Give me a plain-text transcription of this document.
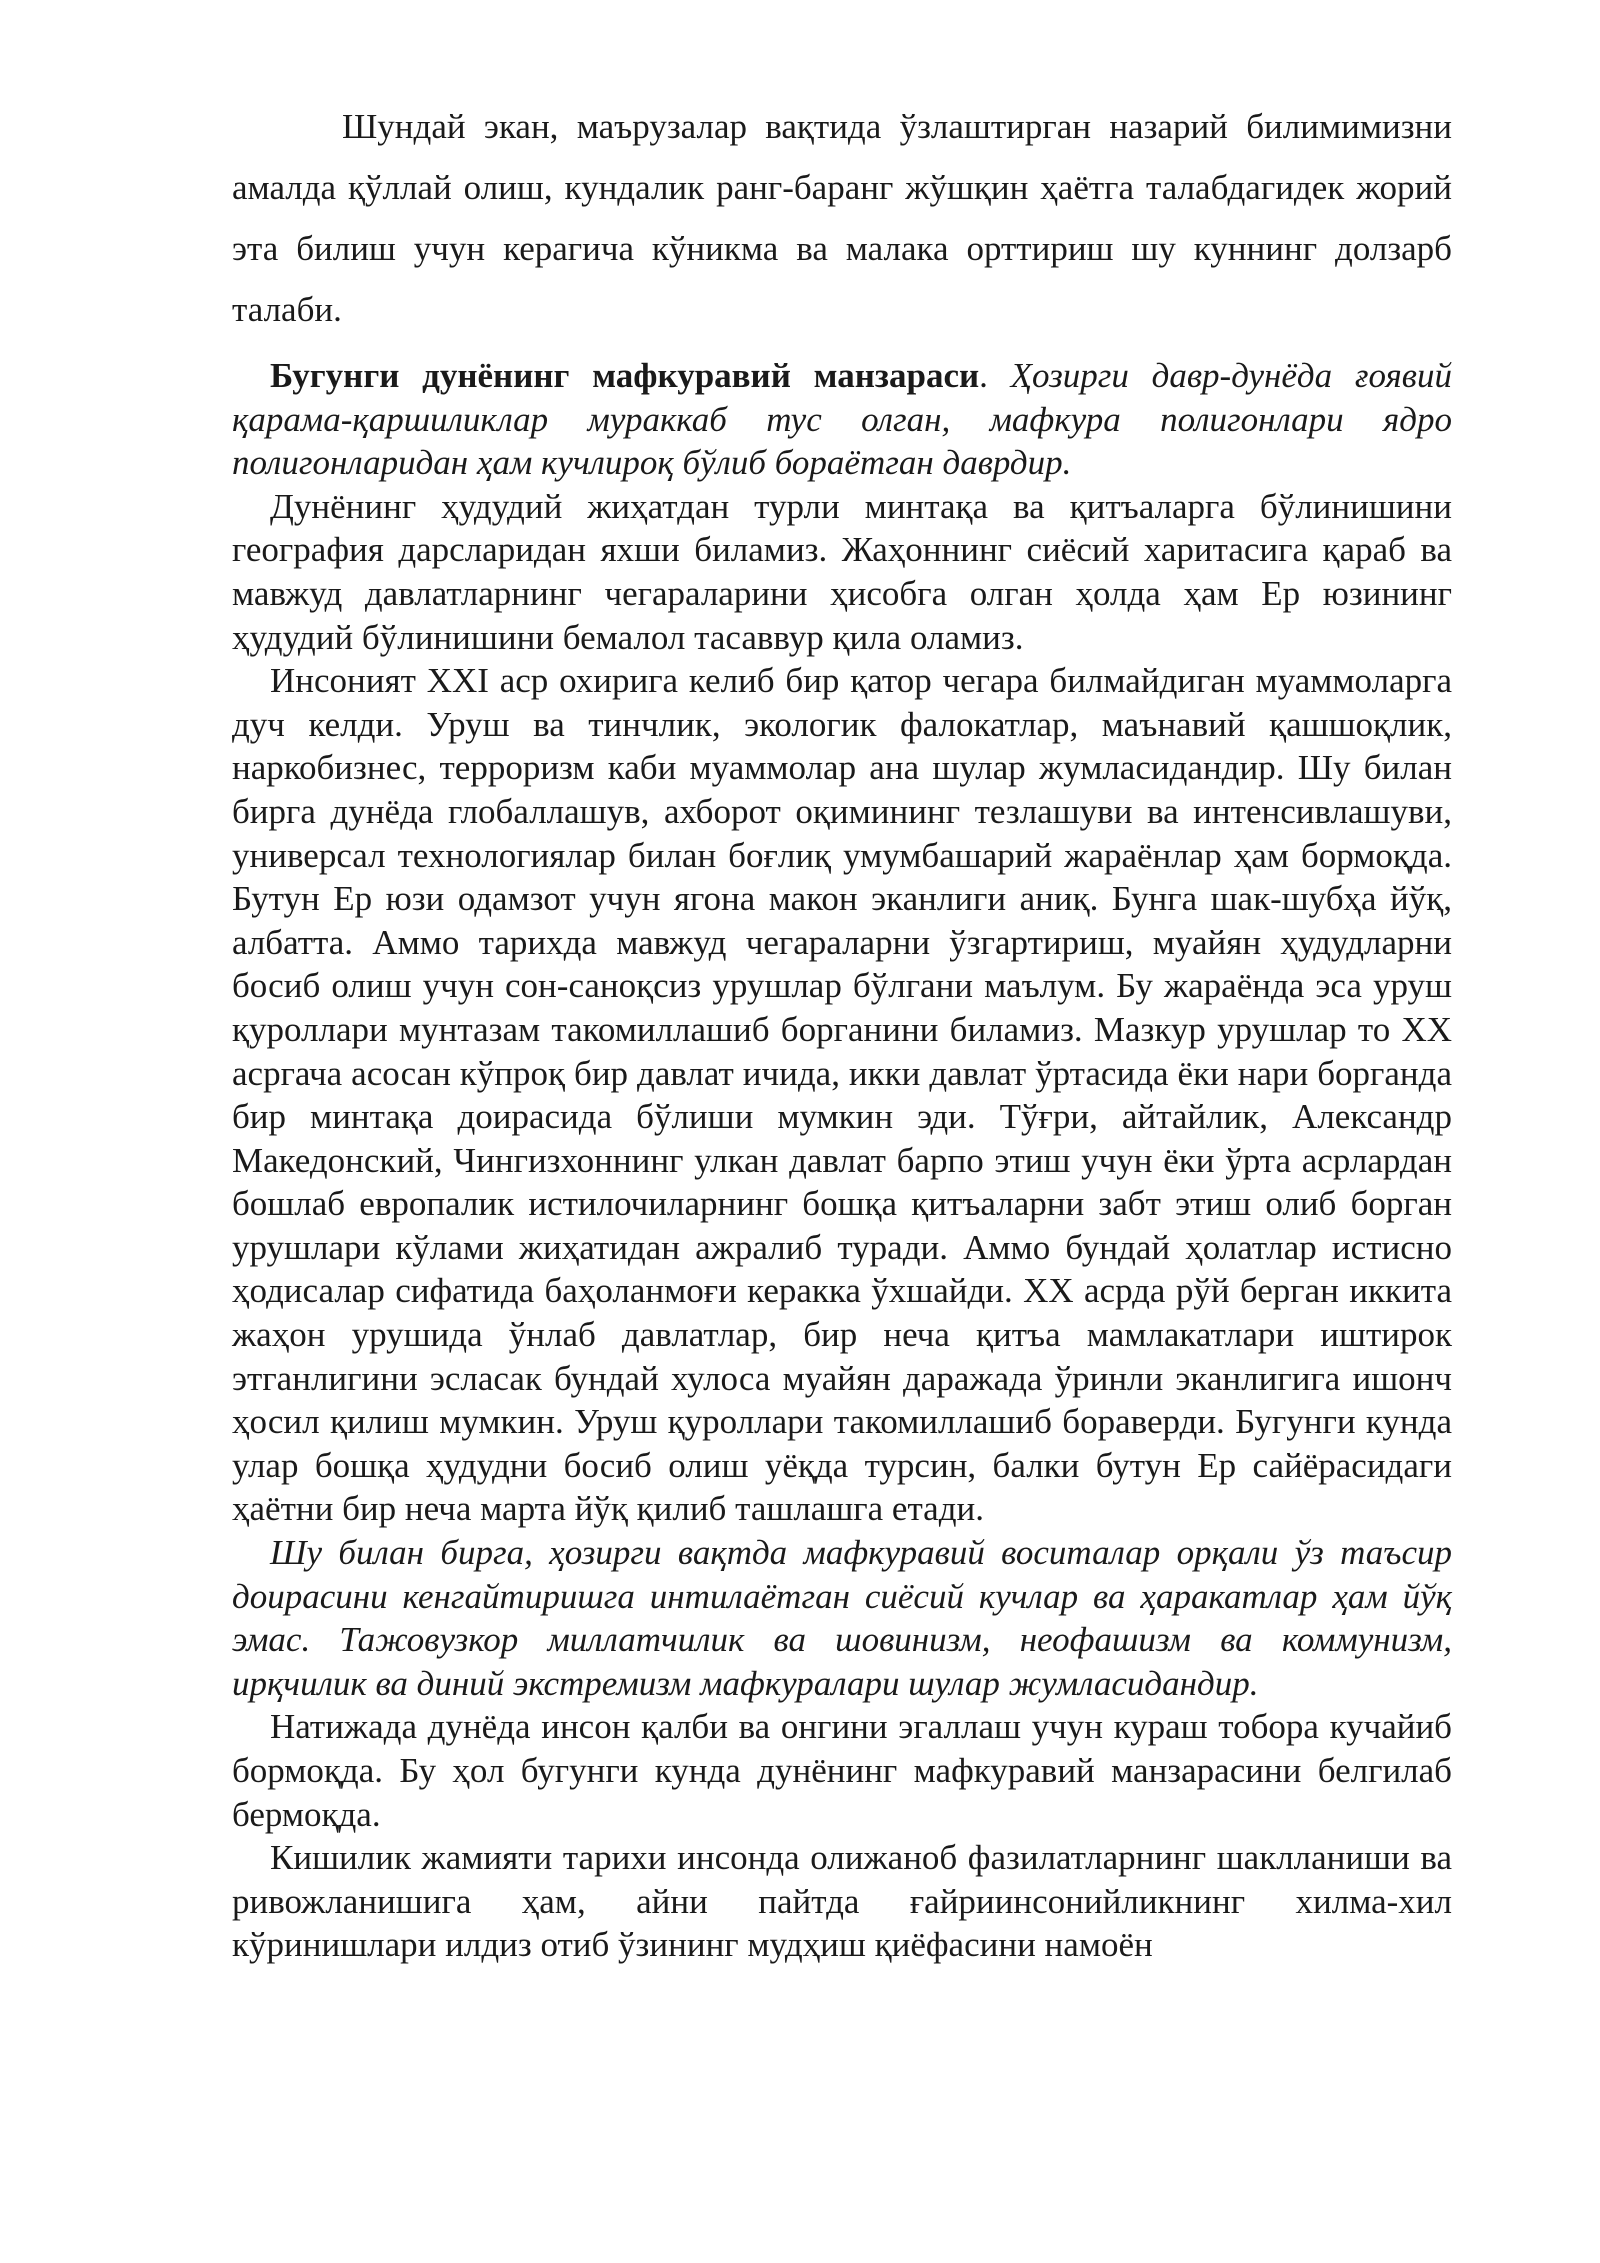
Шундай экан, маърузалар вақтида ўзлаштирган назарий билимимизни амалда қўллай олиш, кундалик ранг-баранг жўшқин ҳаётга талабдагидек жорий эта билиш учун керагича кўникма ва малака орттириш шу куннинг долзарб талаби.

Бугунги дунёнинг мафкуравий манзараси. Ҳозирги давр-дунёда ғоявий қарама-қаршиликлар мураккаб тус олган, мафкура полигонлари ядро полигонларидан ҳам кучлироқ бўлиб бораётган даврдир.

Дунёнинг ҳудудий жиҳатдан турли минтақа ва қитъаларга бўлинишини география дарсларидан яхши биламиз. Жаҳоннинг сиёсий харитасига қараб ва мавжуд давлатларнинг чегараларини ҳисобга олган ҳолда ҳам Ер юзининг ҳудудий бўлинишини бемалол тасаввур қила оламиз.

Инсоният XXI аср охирига келиб бир қатор чегара билмайдиган муаммоларга дуч келди. Уруш ва тинчлик, экологик фалокатлар, маънавий қашшоқлик, наркобизнес, терроризм каби муаммолар ана шулар жумласидандир. Шу билан бирга дунёда глобаллашув, ахборот оқимининг тезлашуви ва интенсивлашуви, универсал технологиялар билан боғлиқ умумбашарий жараёнлар ҳам бормоқда. Бутун Ер юзи одамзот учун ягона макон эканлиги аниқ. Бунга шак-шубҳа йўқ, албатта. Аммо тарихда мавжуд чегараларни ўзгартириш, муайян ҳудудларни босиб олиш учун сон-саноқсиз урушлар бўлгани маълум. Бу жараёнда эса уруш қуроллари мунтазам такомиллашиб борганини биламиз. Мазкур урушлар то XX асргача асосан кўпроқ бир давлат ичида, икки давлат ўртасида ёки нари борганда бир минтақа доирасида бўлиши мумкин эди. Тўғри, айтайлик, Александр Македонский, Чингизхоннинг улкан давлат барпо этиш учун ёки ўрта асрлардан бошлаб европалик истилочиларнинг бошқа қитъаларни забт этиш олиб борган урушлари кўлами жиҳатидан ажралиб туради. Аммо бундай ҳолатлар истисно ҳодисалар сифатида баҳоланмоғи керакка ўхшайди. XX асрда рўй берган иккита жаҳон урушида ўнлаб давлатлар, бир неча қитъа мамлакатлари иштирок этганлигини эсласак бундай хулоса муайян даражада ўринли эканлигига ишонч ҳосил қилиш мумкин. Уруш қуроллари такомиллашиб бораверди. Бугунги кунда улар бошқа ҳудудни босиб олиш уёқда турсин, балки бутун Ер сайёрасидаги ҳаётни бир неча марта йўқ қилиб ташлашга етади.

Шу билан бирга, ҳозирги вақтда мафкуравий воситалар орқали ўз таъсир доирасини кенгайтиришга интилаётган сиёсий кучлар ва ҳаракатлар ҳам йўқ эмас. Тажовузкор миллатчилик ва шовинизм, неофашизм ва коммунизм, ирқчилик ва диний экстремизм мафкуралари шулар жумласидандир.

Натижада дунёда инсон қалби ва онгини эгаллаш учун кураш тобора кучайиб бормоқда. Бу ҳол бугунги кунда дунёнинг мафкуравий манзарасини белгилаб бермоқда.

Кишилик жамияти тарихи инсонда олижаноб фазилатларнинг шаклланиши ва ривожланишига ҳам, айни пайтда ғайриинсонийликнинг хилма-хил кўринишлари илдиз отиб ўзининг мудҳиш қиёфасини намоён
